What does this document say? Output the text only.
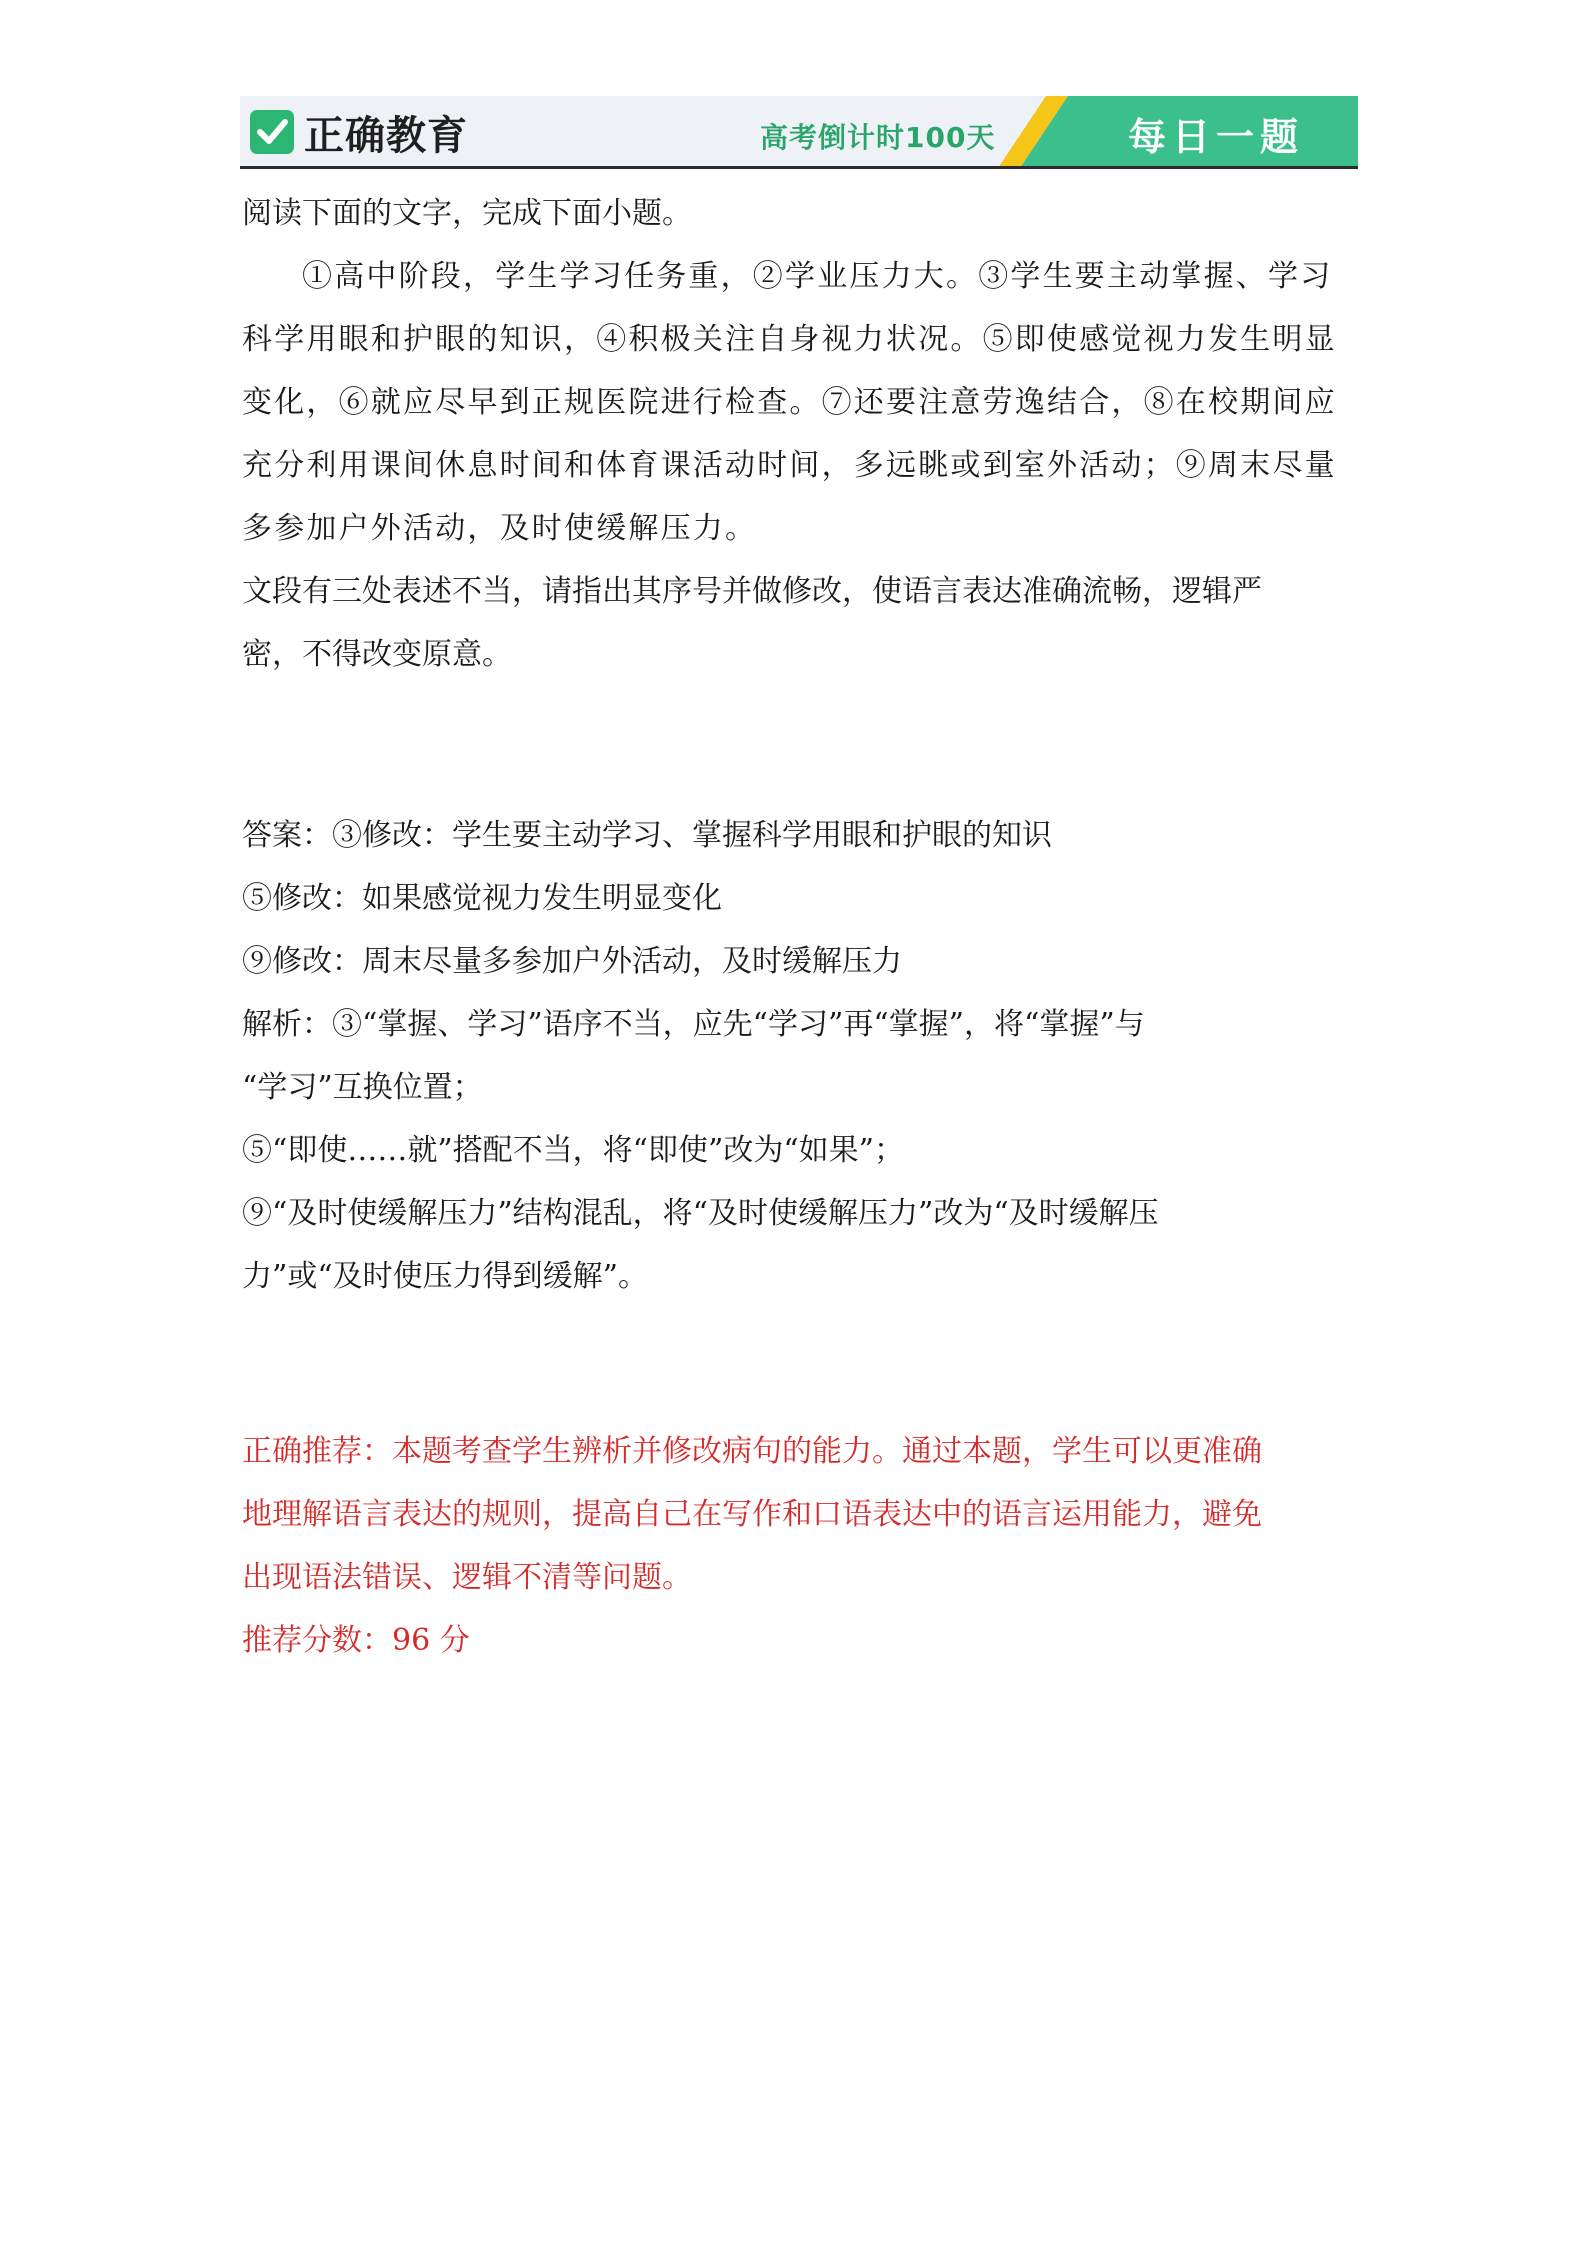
正确教育	高考倒计时100天	每日一题
阅读下面的文字，完成下面小题。
①高中阶段，学生学习任务重，②学业压力大。③学生要主动掌握、学习
科学用眼和护眼的知识，④积极关注自身视力状况。⑤即使感觉视力发生明显
变化，⑥就应尽早到正规医院进行检查。⑦还要注意劳逸结合，⑧在校期间应
充分利用课间休息时间和体育课活动时间，多远眺或到室外活动；⑨周末尽量
多参加户外活动，及时使缓解压力。
文段有三处表述不当，请指出其序号并做修改，使语言表达准确流畅，逻辑严
密，不得改变原意。
答案：③修改：学生要主动学习、掌握科学用眼和护眼的知识
⑤修改：如果感觉视力发生明显变化
⑨修改：周末尽量多参加户外活动，及时缓解压力
解析：③“掌握、学习”语序不当，应先“学习”再“掌握”，将“掌握”与
“学习”互换位置；
⑤“即使……就”搭配不当，将“即使”改为“如果”；
⑨“及时使缓解压力”结构混乱，将“及时使缓解压力”改为“及时缓解压
力”或“及时使压力得到缓解”。
正确推荐：本题考查学生辨析并修改病句的能力。通过本题，学生可以更准确
地理解语言表达的规则，提高自己在写作和口语表达中的语言运用能力，避免
出现语法错误、逻辑不清等问题。
推荐分数：96 分
